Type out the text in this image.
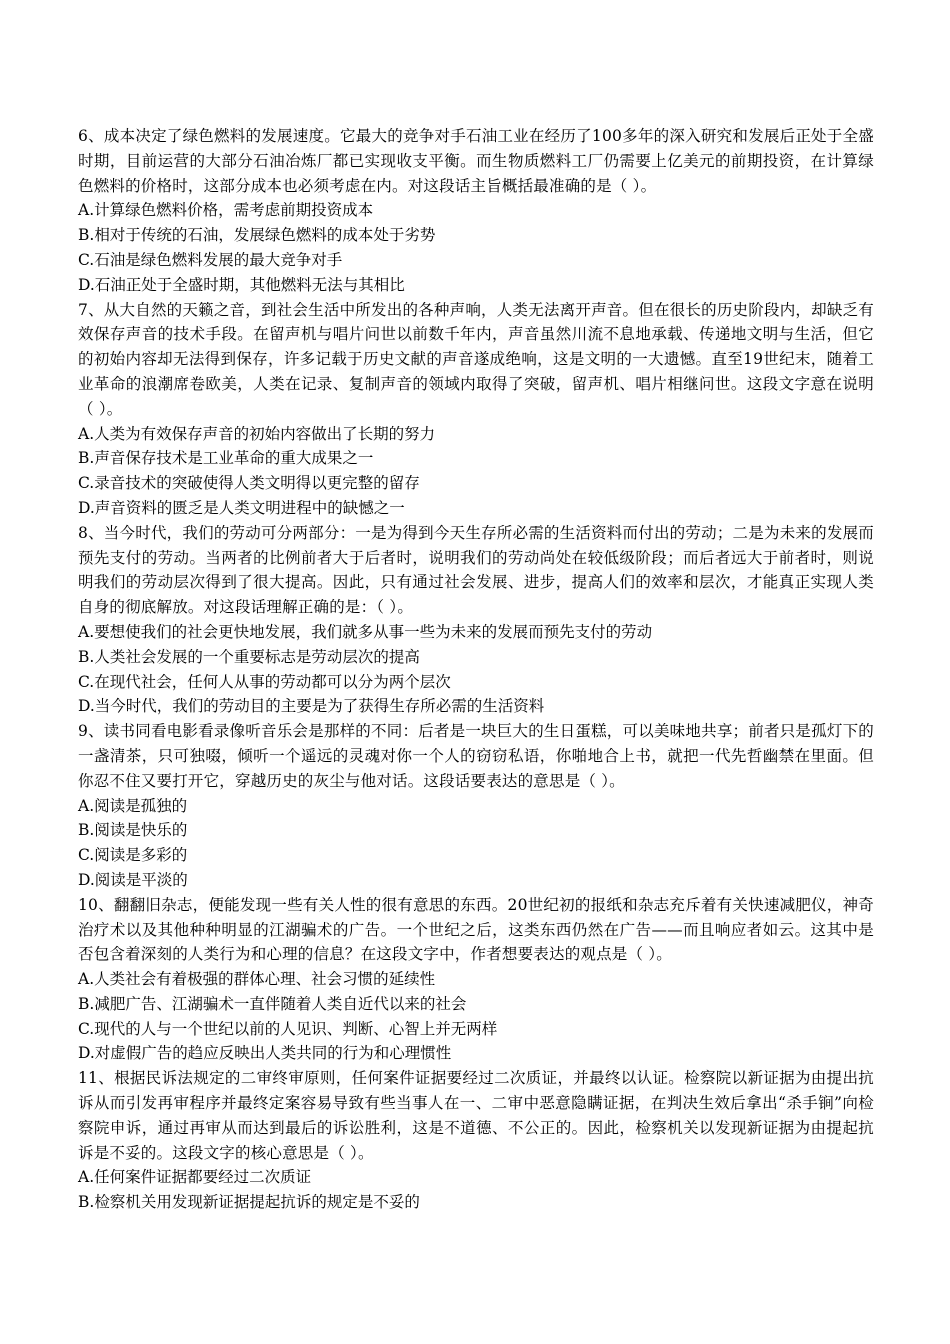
6、成本决定了绿色燃料的发展速度。它最大的竞争对手石油工业在经历了100多年的深入研究和发展后正处于全盛时期，目前运营的大部分石油冶炼厂都已实现收支平衡。而生物质燃料工厂仍需要上亿美元的前期投资，在计算绿色燃料的价格时，这部分成本也必须考虑在内。对这段话主旨概括最准确的是（ ）。

A.计算绿色燃料价格，需考虑前期投资成本

B.相对于传统的石油，发展绿色燃料的成本处于劣势

C.石油是绿色燃料发展的最大竞争对手

D.石油正处于全盛时期，其他燃料无法与其相比

7、从大自然的天籁之音，到社会生活中所发出的各种声响，人类无法离开声音。但在很长的历史阶段内，却缺乏有效保存声音的技术手段。在留声机与唱片问世以前数千年内，声音虽然川流不息地承载、传递地文明与生活，但它的初始内容却无法得到保存，许多记载于历史文献的声音遂成绝响，这是文明的一大遗憾。直至19世纪末，随着工业革命的浪潮席卷欧美，人类在记录、复制声音的领域内取得了突破，留声机、唱片相继问世。这段文字意在说明（ ）。

A.人类为有效保存声音的初始内容做出了长期的努力

B.声音保存技术是工业革命的重大成果之一

C.录音技术的突破使得人类文明得以更完整的留存

D.声音资料的匮乏是人类文明进程中的缺憾之一

8、当今时代，我们的劳动可分两部分：一是为得到今天生存所必需的生活资料而付出的劳动；二是为未来的发展而预先支付的劳动。当两者的比例前者大于后者时，说明我们的劳动尚处在较低级阶段；而后者远大于前者时，则说明我们的劳动层次得到了很大提高。因此，只有通过社会发展、进步，提高人们的效率和层次，才能真正实现人类自身的彻底解放。对这段话理解正确的是：（ ）。

A.要想使我们的社会更快地发展，我们就多从事一些为未来的发展而预先支付的劳动

B.人类社会发展的一个重要标志是劳动层次的提高

C.在现代社会，任何人从事的劳动都可以分为两个层次

D.当今时代，我们的劳动目的主要是为了获得生存所必需的生活资料

9、读书同看电影看录像听音乐会是那样的不同：后者是一块巨大的生日蛋糕，可以美味地共享；前者只是孤灯下的一盏清茶，只可独啜，倾听一个遥远的灵魂对你一个人的窃窃私语，你啪地合上书，就把一代先哲幽禁在里面。但你忍不住又要打开它，穿越历史的灰尘与他对话。这段话要表达的意思是（ ）。

A.阅读是孤独的

B.阅读是快乐的

C.阅读是多彩的

D.阅读是平淡的

10、翻翻旧杂志，便能发现一些有关人性的很有意思的东西。20世纪初的报纸和杂志充斥着有关快速减肥仪，神奇治疗术以及其他种种明显的江湖骗术的广告。一个世纪之后，这类东西仍然在广告——而且响应者如云。这其中是否包含着深刻的人类行为和心理的信息？在这段文字中，作者想要表达的观点是（ ）。

A.人类社会有着极强的群体心理、社会习惯的延续性

B.减肥广告、江湖骗术一直伴随着人类自近代以来的社会

C.现代的人与一个世纪以前的人见识、判断、心智上并无两样

D.对虚假广告的趋应反映出人类共同的行为和心理惯性

11、根据民诉法规定的二审终审原则，任何案件证据要经过二次质证，并最终以认证。检察院以新证据为由提出抗诉从而引发再审程序并最终定案容易导致有些当事人在一、二审中恶意隐瞒证据，在判决生效后拿出“杀手锏”向检察院申诉，通过再审从而达到最后的诉讼胜利，这是不道德、不公正的。因此，检察机关以发现新证据为由提起抗诉是不妥的。这段文字的核心意思是（ ）。

A.任何案件证据都要经过二次质证

B.检察机关用发现新证据提起抗诉的规定是不妥的
